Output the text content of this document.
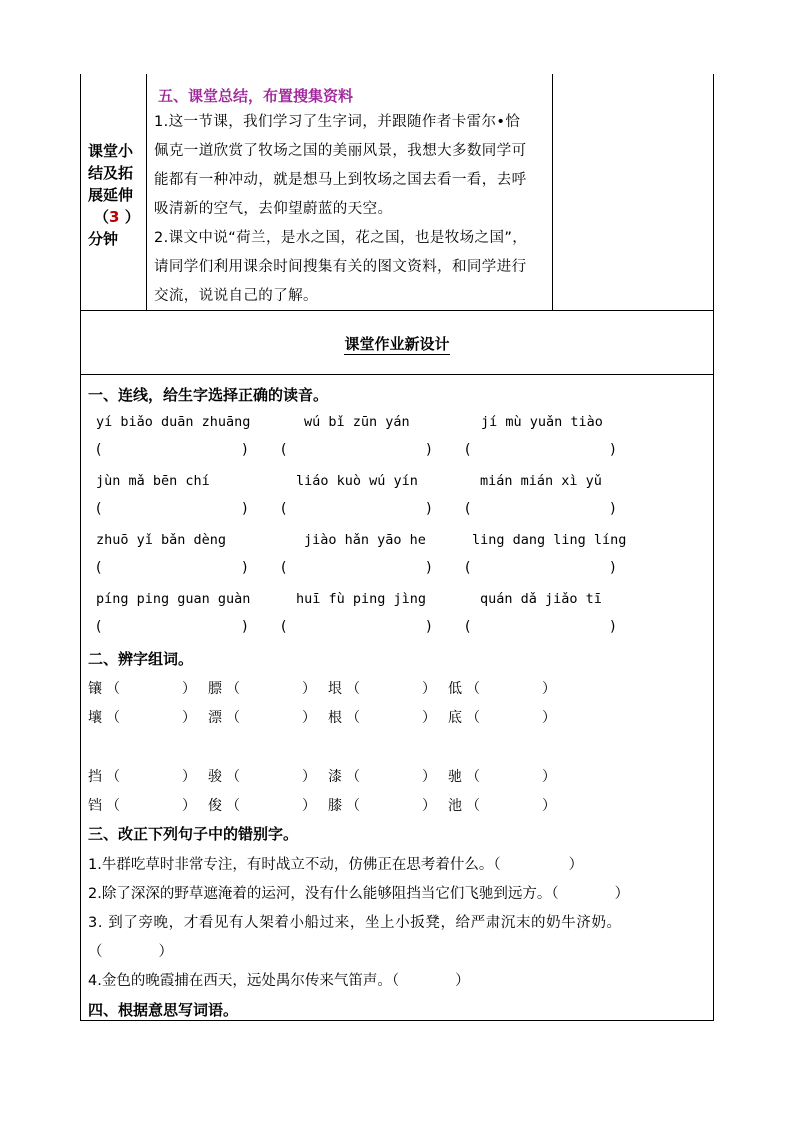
课堂小
结及拓
展延伸
（3 ）
分钟
五、课堂总结，布置搜集资料
1.这一节课，我们学习了生字词，并跟随作者卡雷尔•恰
佩克一道欣赏了牧场之国的美丽风景，我想大多数同学可
能都有一种冲动，就是想马上到牧场之国去看一看，去呼
吸清新的空气，去仰望蔚蓝的天空。
2.课文中说“荷兰，是水之国，花之国，也是牧场之国”，
请同学们利用课余时间搜集有关的图文资料，和同学进行
交流，说说自己的了解。
课堂作业新设计
一、连线，给生字选择正确的读音。
yí biǎo duān zhuāng	wú bǐ zūn yán	jí mù yuǎn tiào
jùn mǎ bēn chí	liáo kuò wú yín	mián mián xì yǔ
zhuō yǐ bǎn dèng	jiào hǎn yāo he	ling dang ling líng
píng ping guan guàn	huī fù ping jìng	quán dǎ jiǎo tī
(	) (	) (	)
(	) (	) (	)
(	) (	) (	)
(	) (	) (	)
二、辨字组词。
镶 （	） 膘 （	） 垠 （	） 低 （	）
壤 （	） 漂 （	） 根 （	） 底 （	）
挡 （	） 骏 （	） 漆 （	） 驰 （	）
铛 （	） 俊 （	） 膝 （	） 池 （	）
三、改正下列句子中的错别字。
1.牛群吃草时非常专注，有时战立不动，仿佛正在思考着什么。（	）
2.除了深深的野草遮淹着的运河，没有什么能够阻挡当它们飞驰到远方。（	）
3. 到了旁晚，才看见有人架着小船过来，坐上小扳凳，给严肃沉末的奶牛济奶。
（	）
4.金色的晚霞捕在西天，远处禺尔传来气笛声。（	）
四、根据意思写词语。
